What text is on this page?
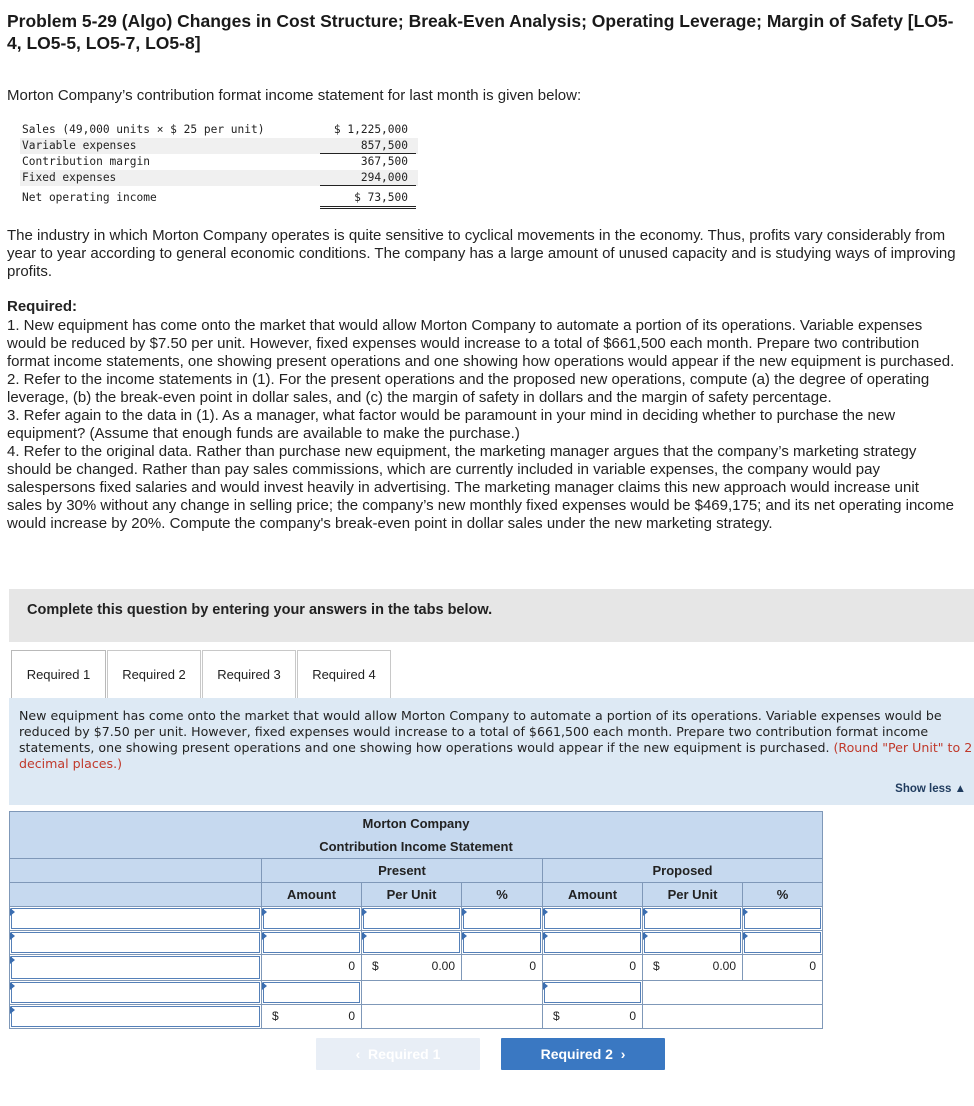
Problem 5-29 (Algo) Changes in Cost Structure; Break-Even Analysis; Operating Leverage; Margin of Safety [LO5-4, LO5-5, LO5-7, LO5-8]
Morton Company’s contribution format income statement for last month is given below:
Sales (49,000 units × $ 25 per unit)	$ 1,225,000
Variable expenses	857,500
Contribution margin	367,500
Fixed expenses	294,000
Net operating income	$ 73,500
The industry in which Morton Company operates is quite sensitive to cyclical movements in the economy. Thus, profits vary considerably from year to year according to general economic conditions. The company has a large amount of unused capacity and is studying ways of improving profits.
Required:

1. New equipment has come onto the market that would allow Morton Company to automate a portion of its operations. Variable expenses would be reduced by $7.50 per unit. However, fixed expenses would increase to a total of $661,500 each month. Prepare two contribution format income statements, one showing present operations and one showing how operations would appear if the new equipment is purchased.

2. Refer to the income statements in (1). For the present operations and the proposed new operations, compute (a) the degree of operating leverage, (b) the break-even point in dollar sales, and (c) the margin of safety in dollars and the margin of safety percentage.

3. Refer again to the data in (1). As a manager, what factor would be paramount in your mind in deciding whether to purchase the new equipment? (Assume that enough funds are available to make the purchase.)

4. Refer to the original data. Rather than purchase new equipment, the marketing manager argues that the company’s marketing strategy should be changed. Rather than pay sales commissions, which are currently included in variable expenses, the company would pay salespersons fixed salaries and would invest heavily in advertising. The marketing manager claims this new approach would increase unit sales by 30% without any change in selling price; the company’s new monthly fixed expenses would be $469,175; and its net operating income would increase by 20%. Compute the company's break-even point in dollar sales under the new marketing strategy.

Complete this question by entering your answers in the tabs below.
Required 1	Required 2	Required 3	Required 4

New equipment has come onto the market that would allow Morton Company to automate a portion of its operations. Variable expenses would be reduced by $7.50 per unit. However, fixed expenses would increase to a total of $661,500 each month. Prepare two contribution format income statements, one showing present operations and one showing how operations would appear if the new equipment is purchased. (Round "Per Unit" to 2 decimal places.)

Show less ▲
Morton Company						
Contribution Income Statement						
	Present			Proposed		
	Amount	Per Unit	%	Amount	Per Unit	%

	0	$ 0.00	0	0	$ 0.00	0

	$ 0			$ 0		

‹ Required 1	Required 2 ›
